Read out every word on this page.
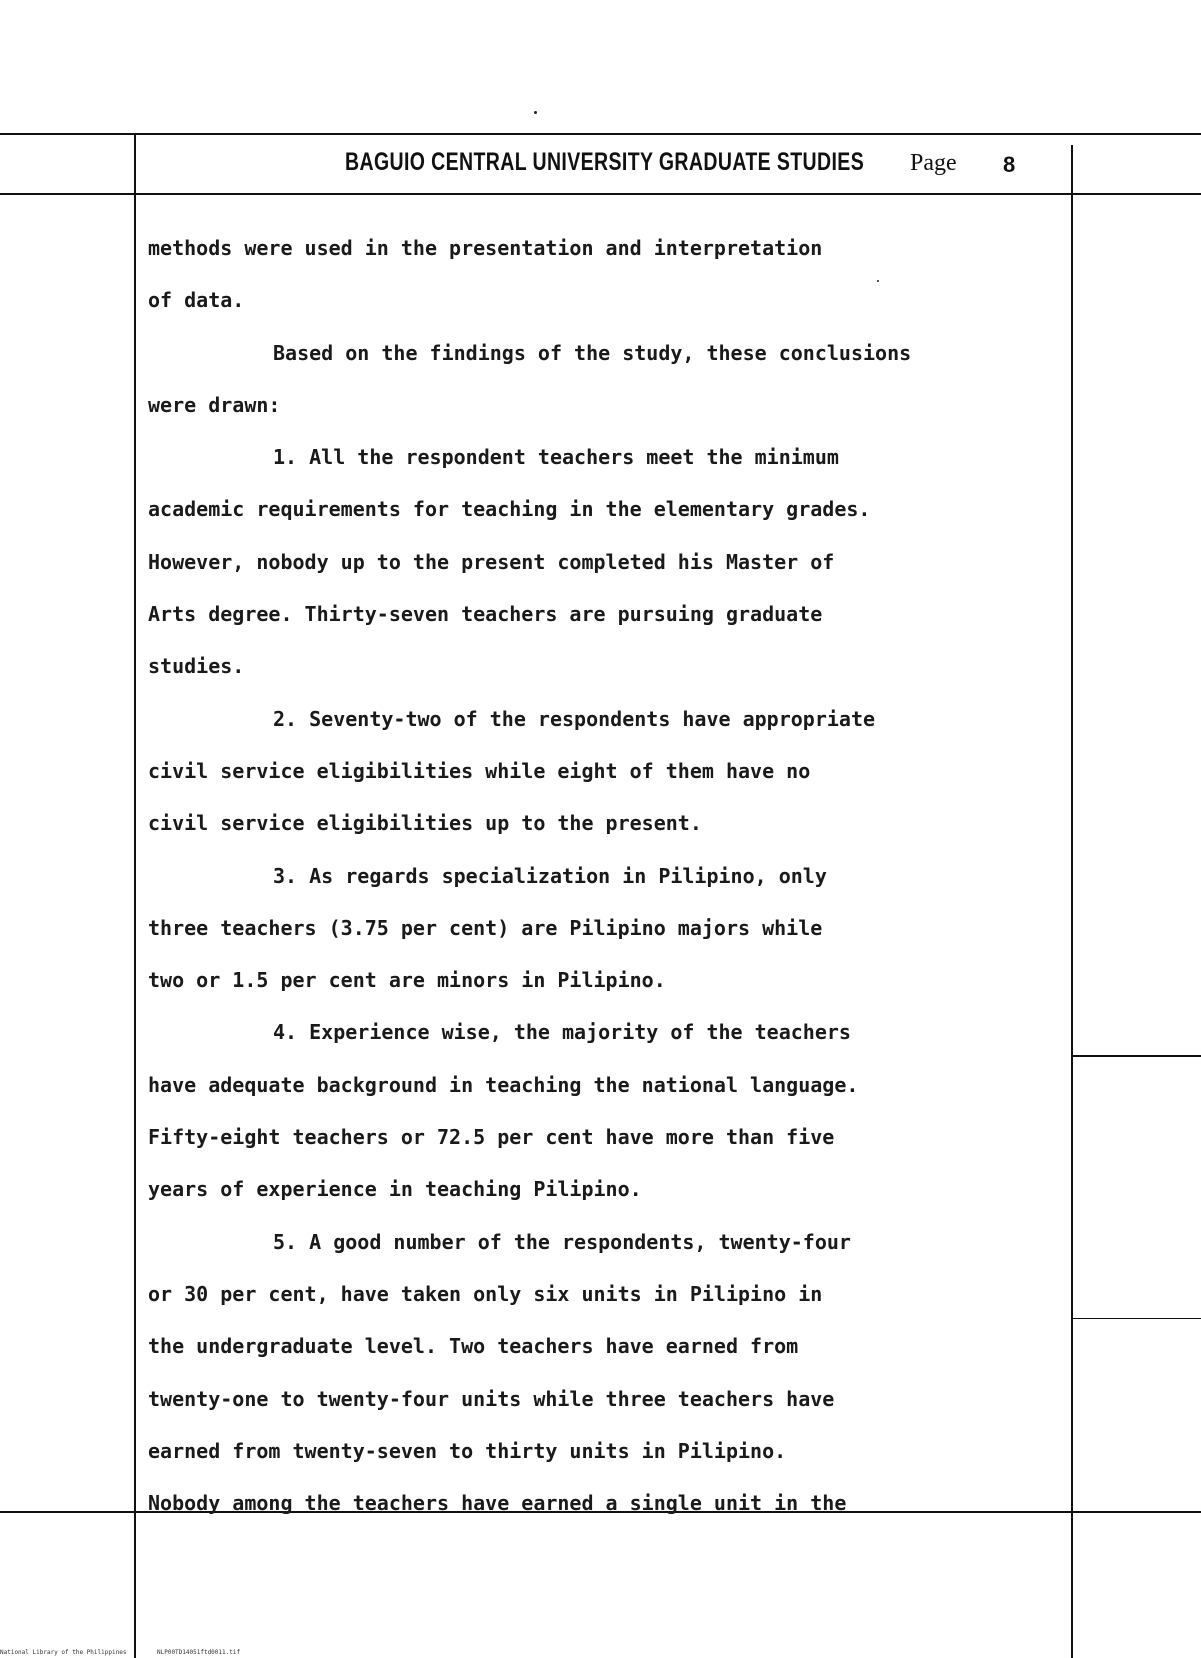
BAGUIO CENTRAL UNIVERSITY GRADUATE STUDIES Page 8
methods were used in the presentation and interpretation
of data.
Based on the findings of the study, these conclusions
were drawn:
1. All the respondent teachers meet the minimum
academic requirements for teaching in the elementary grades.
However, nobody up to the present completed his Master of
Arts degree. Thirty-seven teachers are pursuing graduate
studies.
2. Seventy-two of the respondents have appropriate
civil service eligibilities while eight of them have no
civil service eligibilities up to the present.
3. As regards specialization in Pilipino, only
three teachers (3.75 per cent) are Pilipino majors while
two or 1.5 per cent are minors in Pilipino.
4. Experience wise, the majority of the teachers
have adequate background in teaching the national language.
Fifty-eight teachers or 72.5 per cent have more than five
years of experience in teaching Pilipino.
5. A good number of the respondents, twenty-four
or 30 per cent, have taken only six units in Pilipino in
the undergraduate level. Two teachers have earned from
twenty-one to twenty-four units while three teachers have
earned from twenty-seven to thirty units in Pilipino.
Nobody among the teachers have earned a single unit in the
National Library of the Philippines	NLP00TD14051ftd0011.tif
